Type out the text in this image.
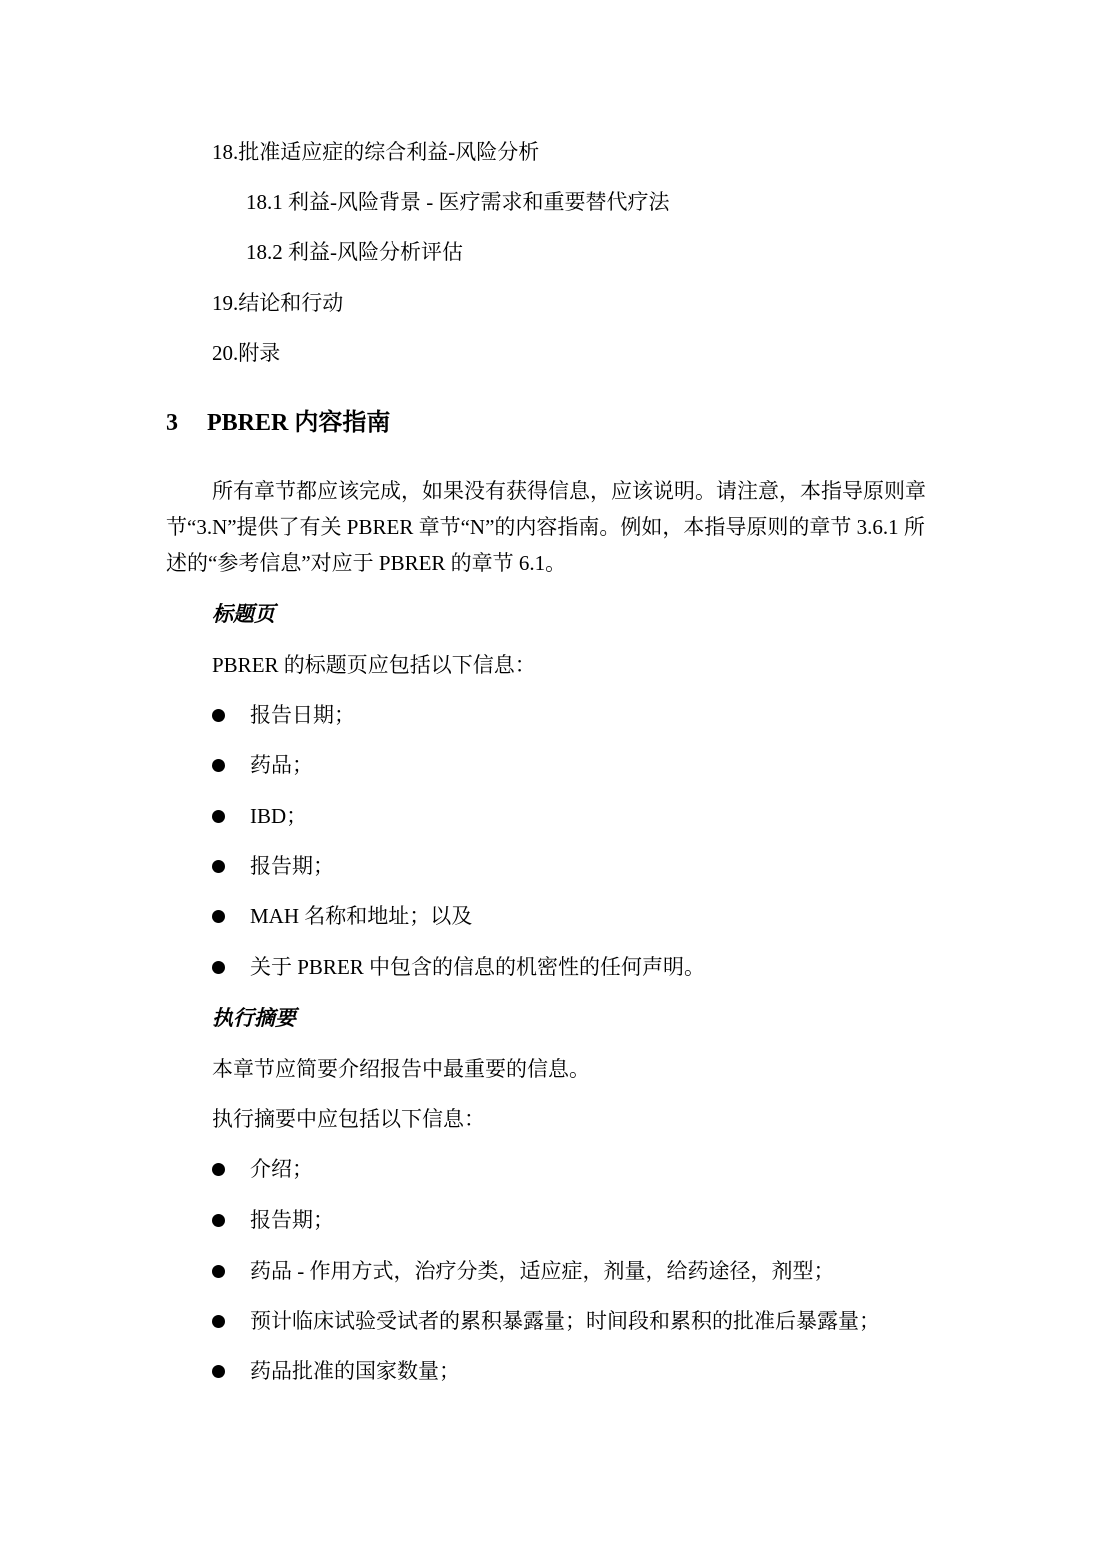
18.批准适应症的综合利益-风险分析
18.1 利益-风险背景 - 医疗需求和重要替代疗法
18.2 利益-风险分析评估
19.结论和行动
20.附录
3 PBRER 内容指南
所有章节都应该完成，如果没有获得信息，应该说明。请注意，本指导原则章节“3.N”提供了有关 PBRER 章节“N”的内容指南。例如，本指导原则的章节 3.6.1 所述的“参考信息”对应于 PBRER 的章节 6.1。
标题页
PBRER 的标题页应包括以下信息：
报告日期；
药品；
IBD；
报告期；
MAH 名称和地址；以及
关于 PBRER 中包含的信息的机密性的任何声明。
执行摘要
本章节应简要介绍报告中最重要的信息。
执行摘要中应包括以下信息：
介绍；
报告期；
药品 - 作用方式，治疗分类，适应症，剂量，给药途径，剂型；
预计临床试验受试者的累积暴露量；时间段和累积的批准后暴露量；
药品批准的国家数量；
